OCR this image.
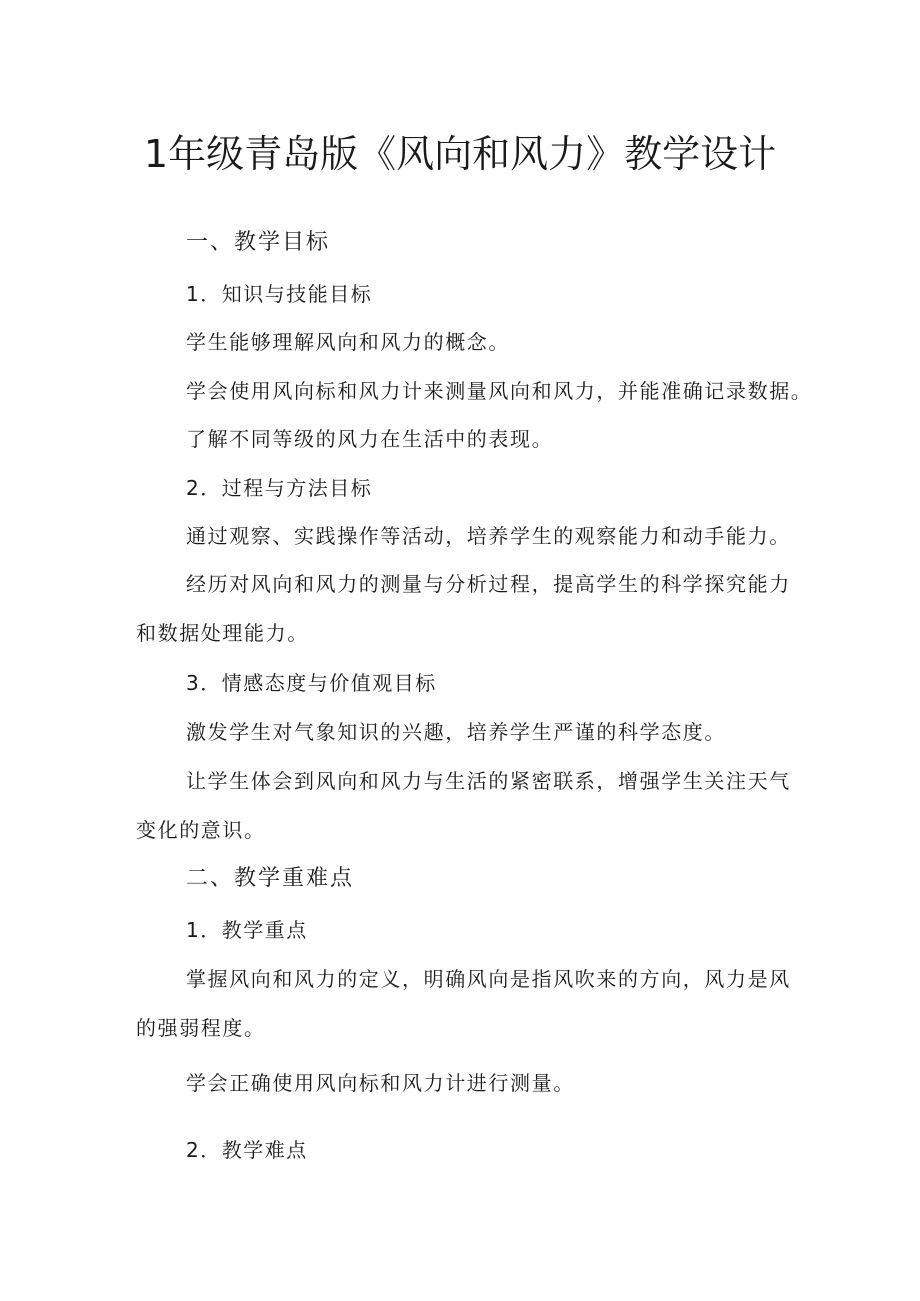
1年级青岛版《风向和风力》教学设计

一、教学目标

1．知识与技能目标

学生能够理解风向和风力的概念。

学会使用风向标和风力计来测量风向和风力，并能准确记录数据。

了解不同等级的风力在生活中的表现。

2．过程与方法目标

通过观察、实践操作等活动，培养学生的观察能力和动手能力。

经历对风向和风力的测量与分析过程，提高学生的科学探究能力

和数据处理能力。

3．情感态度与价值观目标

激发学生对气象知识的兴趣，培养学生严谨的科学态度。

让学生体会到风向和风力与生活的紧密联系，增强学生关注天气

变化的意识。

二、教学重难点

1．教学重点

掌握风向和风力的定义，明确风向是指风吹来的方向，风力是风

的强弱程度。

学会正确使用风向标和风力计进行测量。

2．教学难点
